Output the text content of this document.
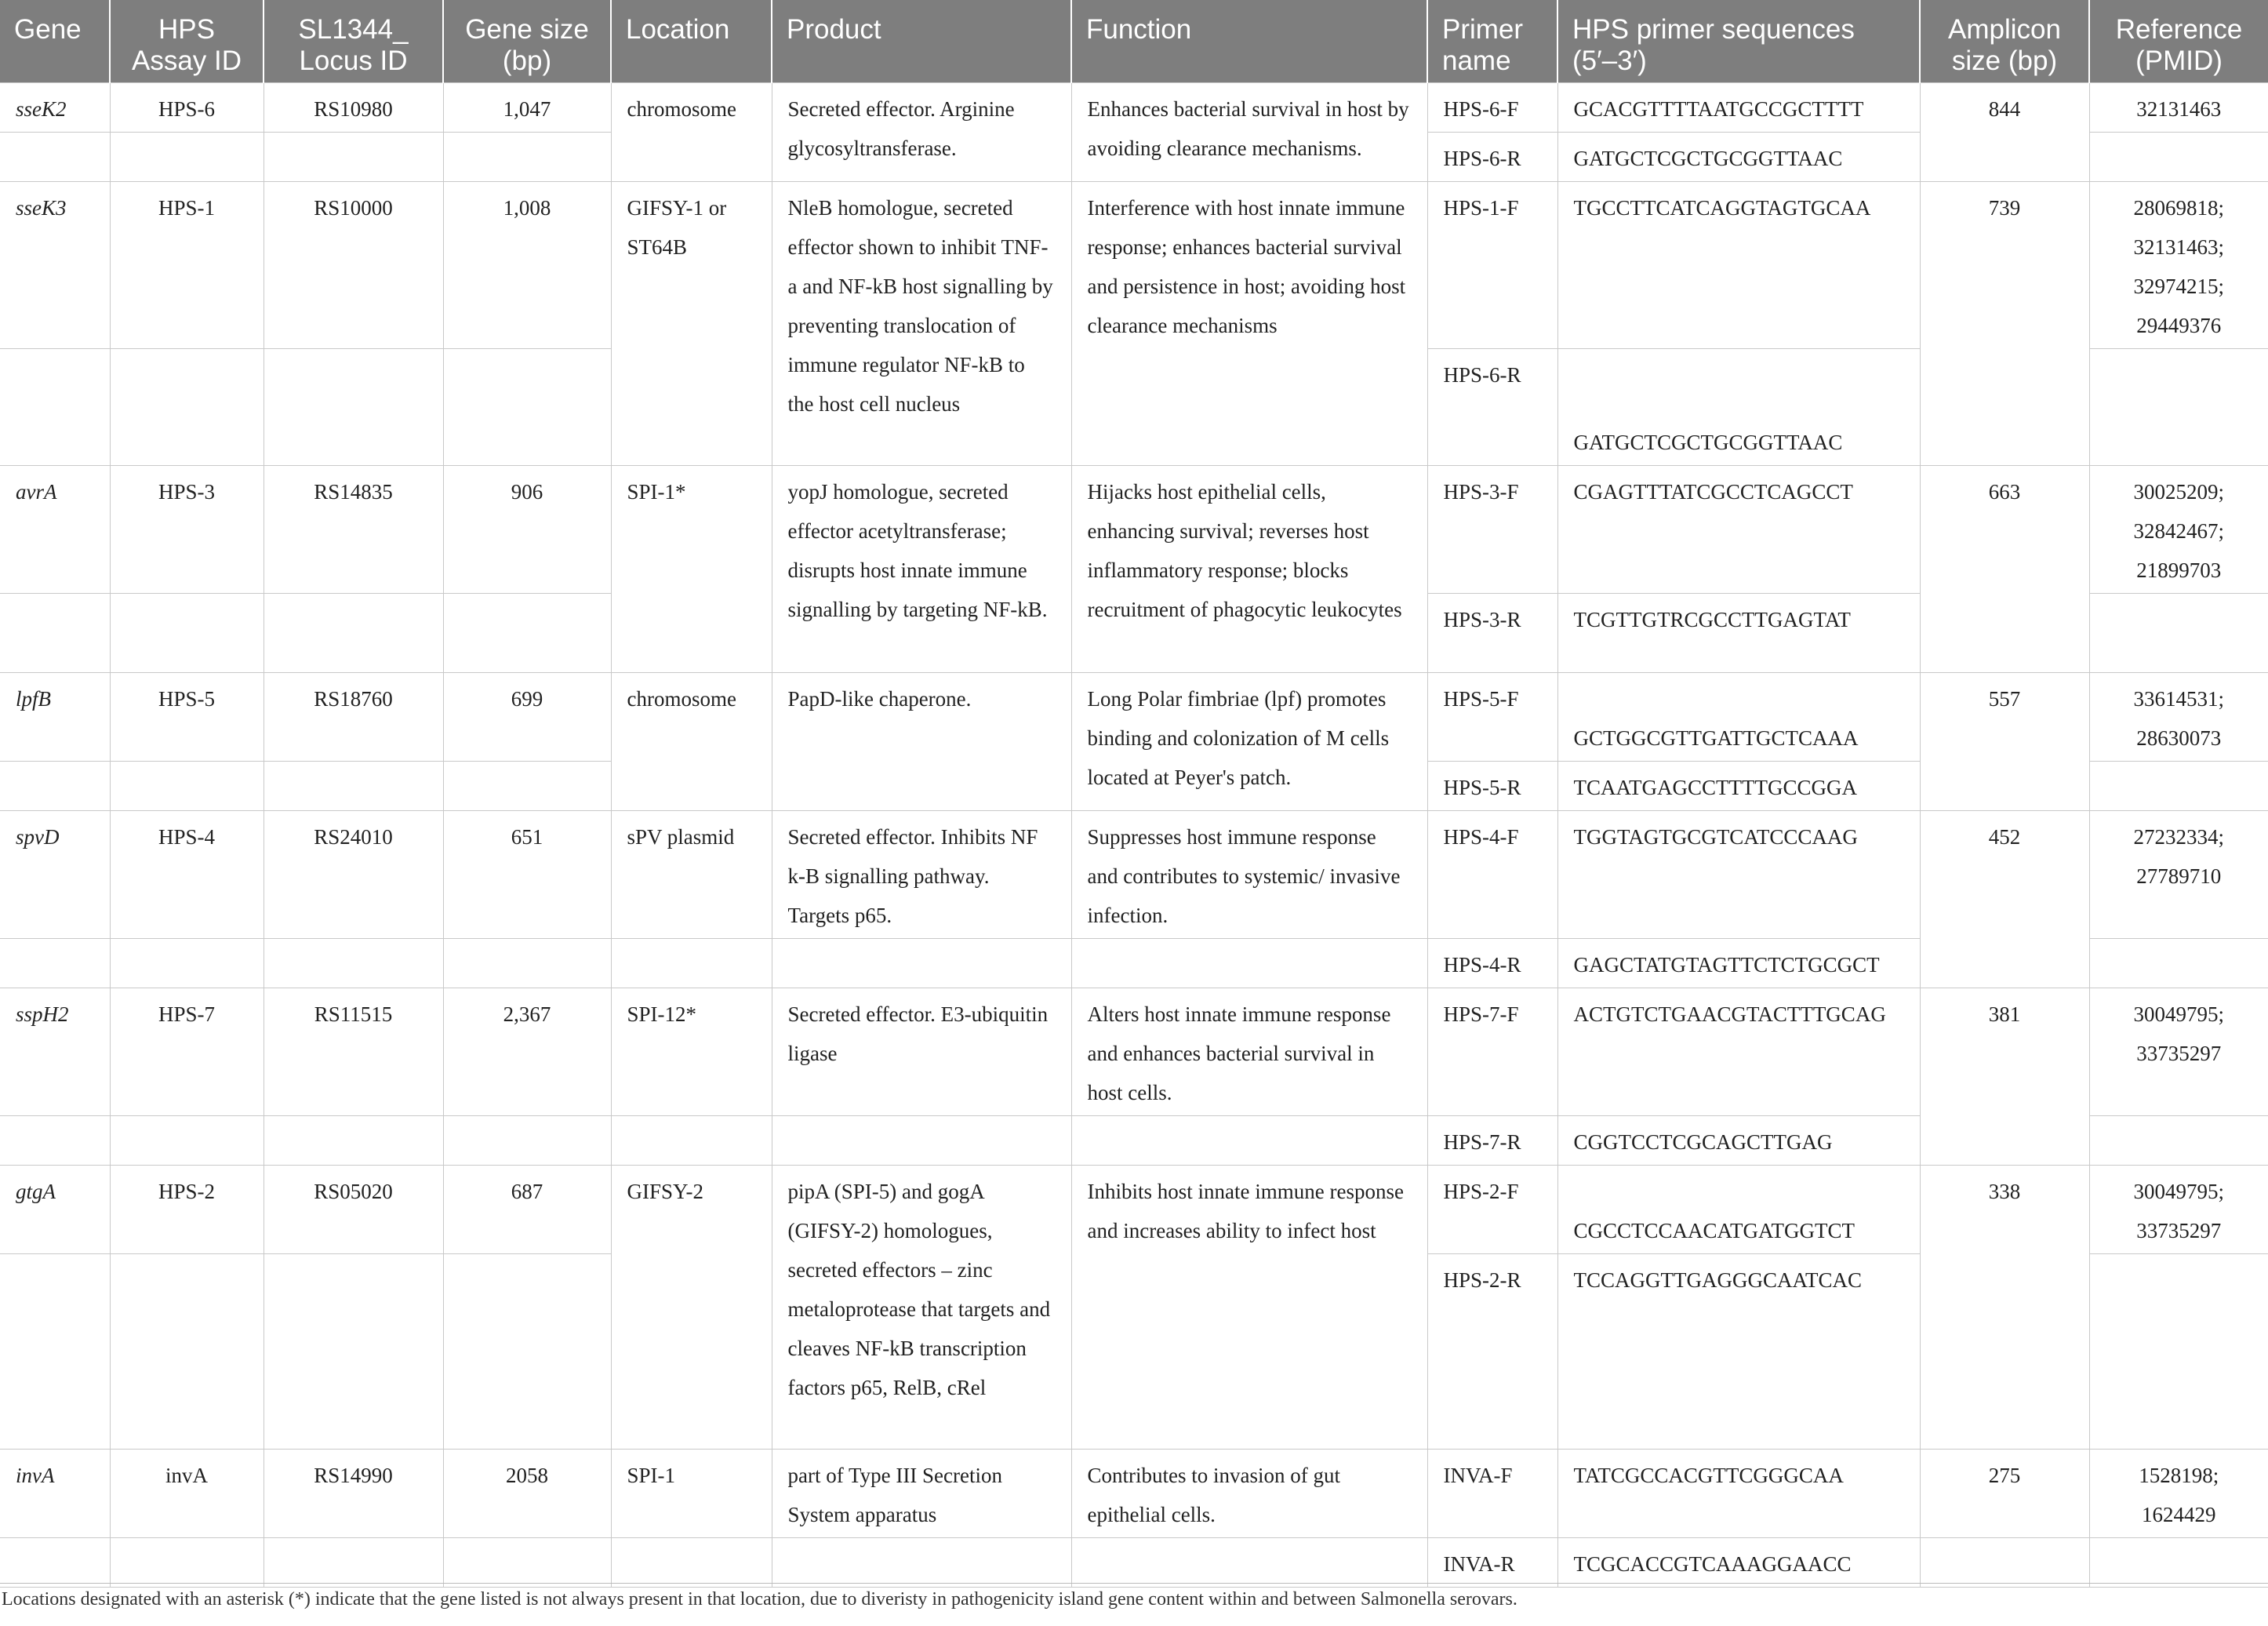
Gene	HPS Assay ID	SL1344_ Locus ID	Gene size (bp)	Location	Product	Function	Primer name	HPS primer sequences (5′–3′)	Amplicon size (bp)	Reference (PMID)
sseK2	HPS-6	RS10980	1,047	chromosome	Secreted effector. Arginine glycosyltransferase.	Enhances bacterial survival in host by avoiding clearance mechanisms.	HPS-6-F	GCACGTTTTAATGCCGCTTTT	844	32131463
							HPS-6-R	GATGCTCGCTGCGGTTAAC		
sseK3	HPS-1	RS10000	1,008	GIFSY-1 or ST64B	NleB homologue, secreted effector shown to inhibit TNF-a and NF-kB host signalling by preventing translocation of immune regulator NF-kB to the host cell nucleus	Interference with host innate immune response; enhances bacterial survival and persistence in host; avoiding host clearance mechanisms	HPS-1-F	TGCCTTCATCAGGTAGTGCAA	739	28069818; 32131463; 32974215; 29449376
							HPS-6-R	GATGCTCGCTGCGGTTAAC		
avrA	HPS-3	RS14835	906	SPI-1*	yopJ homologue, secreted effector acetyltransferase; disrupts host innate immune signalling by targeting NF-kB.	Hijacks host epithelial cells, enhancing survival; reverses host inflammatory response; blocks recruitment of phagocytic leukocytes	HPS-3-F	CGAGTTTATCGCCTCAGCCT	663	30025209; 32842467; 21899703
							HPS-3-R	TCGTTGTRCGCCTTGAGTAT		
lpfB	HPS-5	RS18760	699	chromosome	PapD-like chaperone.	Long Polar fimbriae (lpf) promotes binding and colonization of M cells located at Peyer's patch.	HPS-5-F	GCTGGCGTTGATTGCTCAAA	557	33614531; 28630073
							HPS-5-R	TCAATGAGCCTTTTGCCGGA		
spvD	HPS-4	RS24010	651	sPV plasmid	Secreted effector. Inhibits NF k-B signalling pathway. Targets p65.	Suppresses host immune response and contributes to systemic/ invasive infection.	HPS-4-F	TGGTAGTGCGTCATCCCAAG	452	27232334; 27789710
							HPS-4-R	GAGCTATGTAGTTCTCTGCGCT		
sspH2	HPS-7	RS11515	2,367	SPI-12*	Secreted effector. E3-ubiquitin ligase	Alters host innate immune response and enhances bacterial survival in host cells.	HPS-7-F	ACTGTCTGAACGTACTTTGCAG	381	30049795; 33735297
							HPS-7-R	CGGTCCTCGCAGCTTGAG		
gtgA	HPS-2	RS05020	687	GIFSY-2	pipA (SPI-5) and gogA (GIFSY-2) homologues, secreted effectors – zinc metaloprotease that targets and cleaves NF-kB transcription factors p65, RelB, cRel	Inhibits host innate immune response and increases ability to infect host	HPS-2-F	CGCCTCCAACATGATGGTCT	338	30049795; 33735297
							HPS-2-R	TCCAGGTTGAGGGCAATCAC		
invA	invA	RS14990	2058	SPI-1	part of Type III Secretion System apparatus	Contributes to invasion of gut epithelial cells.	INVA-F	TATCGCCACGTTCGGGCAA	275	1528198; 1624429
							INVA-R	TCGCACCGTCAAAGGAACC		
Locations designated with an asterisk (*) indicate that the gene listed is not always present in that location, due to diveristy in pathogenicity island gene content within and between Salmonella serovars.
